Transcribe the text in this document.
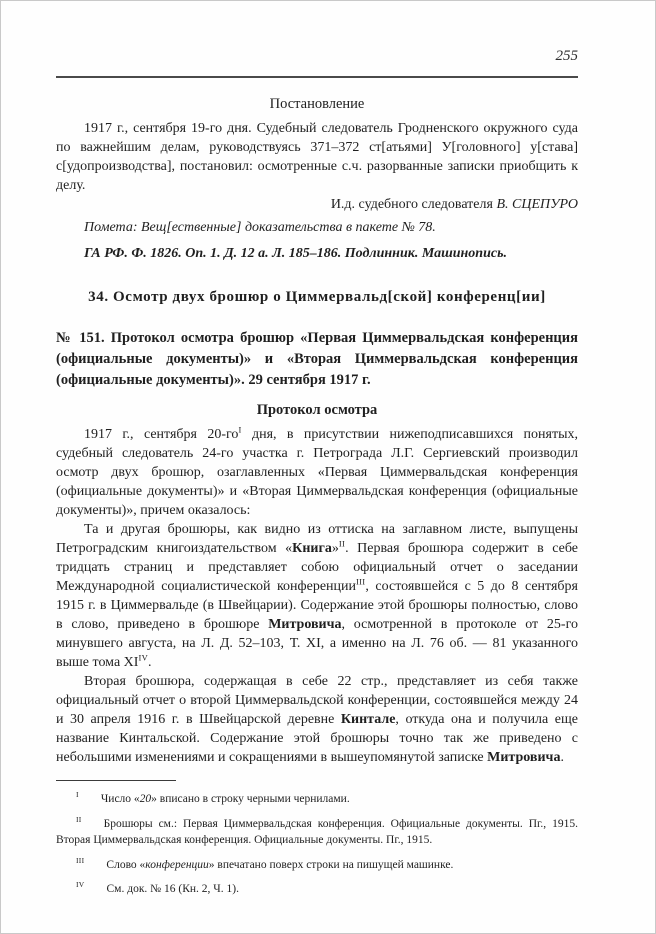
255
Постановление

1917 г., сентября 19-го дня. Судебный следователь Гродненского окружного суда по важнейшим делам, руководствуясь 371–372 ст[атьями] У[головного] у[става] с[удопроизводства], постановил: осмотренные с.ч. разорванные записки приобщить к делу.

И.д. судебного следователя В. СЦЕПУРО

Помета: Вещ[ественные] доказательства в пакете № 78.

ГА РФ. Ф. 1826. Оп. 1. Д. 12 а. Л. 185–186. Подлинник. Машинопись.

34. Осмотр двух брошюр о Циммервальд[ской] конференц[ии]

№ 151. Протокол осмотра брошюр «Первая Циммервальдская конференция (официальные документы)» и «Вторая Циммервальдская конференция (официальные документы)». 29 сентября 1917 г.

Протокол осмотра

1917 г., сентября 20-го$^I$ дня, в присутствии нижеподписавшихся понятых, судебный следователь 24-го участка г. Петрограда Л.Г. Сергиевский производил осмотр двух брошюр, озаглавленных «Первая Циммервальдская конференция (официальные документы)» и «Вторая Циммервальдская конференция (официальные документы)», причем оказалось:

Та и другая брошюры, как видно из оттиска на заглавном листе, выпущены Петроградским книгоиздательством «Книга»$^{II}$. Первая брошюра содержит в себе тридцать страниц и представляет собою официальный отчет о заседании Международной социалистической конференции$^{III}$, состоявшейся с 5 до 8 сентября 1915 г. в Циммервальде (в Швейцарии). Содержание этой брошюры полностью, слово в слово, приведено в брошюре Митровича, осмотренной в протоколе от 25-го минувшего августа, на Л. Д. 52–103, Т. XI, а именно на Л. 76 об. — 81 указанного выше тома XI$^{IV}$.

Вторая брошюра, содержащая в себе 22 стр., представляет из себя также официальный отчет о второй Циммервальдской конференции, состоявшейся между 24 и 30 апреля 1916 г. в Швейцарской деревне Кинтале, откуда она и получила еще название Кинтальской. Содержание этой брошюры точно так же приведено с небольшими изменениями и сокращениями в вышеупомянутой записке Митровича.

$^I$ Число «20» вписано в строку черными чернилами.

$^{II}$ Брошюры см.: Первая Циммервальдская конференция. Официальные документы. Пг., 1915. Вторая Циммервальдская конференция. Официальные документы. Пг., 1915.

$^{III}$ Слово «конференции» впечатано поверх строки на пишущей машинке.

$^{IV}$ См. док. № 16 (Кн. 2, Ч. 1).
